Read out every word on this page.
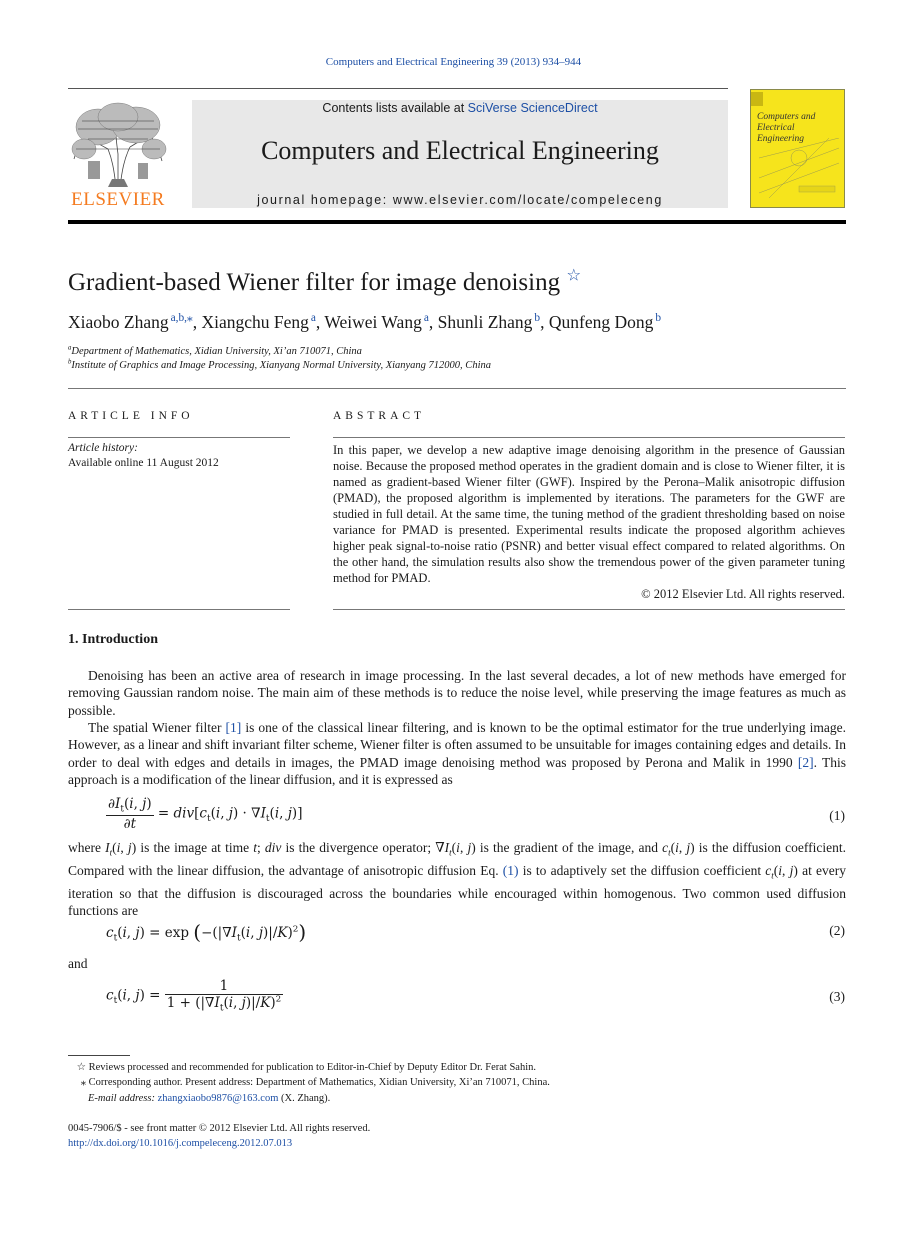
Computers and Electrical Engineering 39 (2013) 934–944
ELSEVIER
Contents lists available at SciVerse ScienceDirect
Computers and Electrical Engineering
journal homepage: www.elsevier.com/locate/compeleceng
Computers and Electrical Engineering
Gradient-based Wiener filter for image denoising ☆
Xiaobo Zhang $^{a,b,⁎}$, Xiangchu Feng $^a$, Weiwei Wang $^a$, Shunli Zhang $^b$, Qunfeng Dong $^b$
$^a$Department of Mathematics, Xidian University, Xi’an 710071, China
$^b$Institute of Graphics and Image Processing, Xianyang Normal University, Xianyang 712000, China
ARTICLE INFO
Article history:
Available online 11 August 2012
ABSTRACT
In this paper, we develop a new adaptive image denoising algorithm in the presence of Gaussian noise. Because the proposed method operates in the gradient domain and is close to Wiener filter, it is named as gradient-based Wiener filter (GWF). Inspired by the Perona–Malik anisotropic diffusion (PMAD), the proposed algorithm is implemented by iterations. The parameters for the GWF are studied in full detail. At the same time, the tuning method of the gradient thresholding based on noise variance for PMAD is presented. Experimental results indicate the proposed algorithm achieves higher peak signal-to-noise ratio (PSNR) and better visual effect compared to related algorithms. On the other hand, the simulation results also show the tremendous power of the given parameter tuning method for PMAD.
© 2012 Elsevier Ltd. All rights reserved.
1. Introduction
Denoising has been an active area of research in image processing. In the last several decades, a lot of new methods have emerged for removing Gaussian random noise. The main aim of these methods is to reduce the noise level, while preserving the image features as much as possible.
The spatial Wiener filter [1] is one of the classical linear filtering, and is known to be the optimal estimator for the true underlying image. However, as a linear and shift invariant filter scheme, Wiener filter is often assumed to be unsuitable for images containing edges and details. In order to deal with edges and details in images, the PMAD image denoising method was proposed by Perona and Malik in 1990 [2]. This approach is a modification of the linear diffusion, and it is expressed as
$\frac{\partial I_t(i, j)}{\partial t} = div[c_t(i$, $j) \cdot \nabla I_t(i$, j)]	(1)
where $I_t(i$, j) is the image at time t; div is the divergence operator; $\nabla I_t(i$, j) is the gradient of the image, and $c_t(i$, j) is the diffusion coefficient. Compared with the linear diffusion, the advantage of anisotropic diffusion Eq. (1) is to adaptively set the diffusion coefficient $c_t(i$, j) at every iteration so that the diffusion is discouraged across the boundaries while encouraged within homogenous. Two common used diffusion functions are
$c_t(i$, $j) = \exp (-(|\nabla I_t(i$, j)|/K)$^2$)	(2)
and
$c_t(i$, $j) = \frac{1}{1 + (|\nabla I_t(i, j)|/K)^2}$	(3)
☆ Reviews processed and recommended for publication to Editor-in-Chief by Deputy Editor Dr. Ferat Sahin.
⁎ Corresponding author. Present address: Department of Mathematics, Xidian University, Xi’an 710071, China.
E-mail address: zhangxiaobo9876@163.com (X. Zhang).
0045-7906/$ - see front matter © 2012 Elsevier Ltd. All rights reserved.
http://dx.doi.org/10.1016/j.compeleceng.2012.07.013
